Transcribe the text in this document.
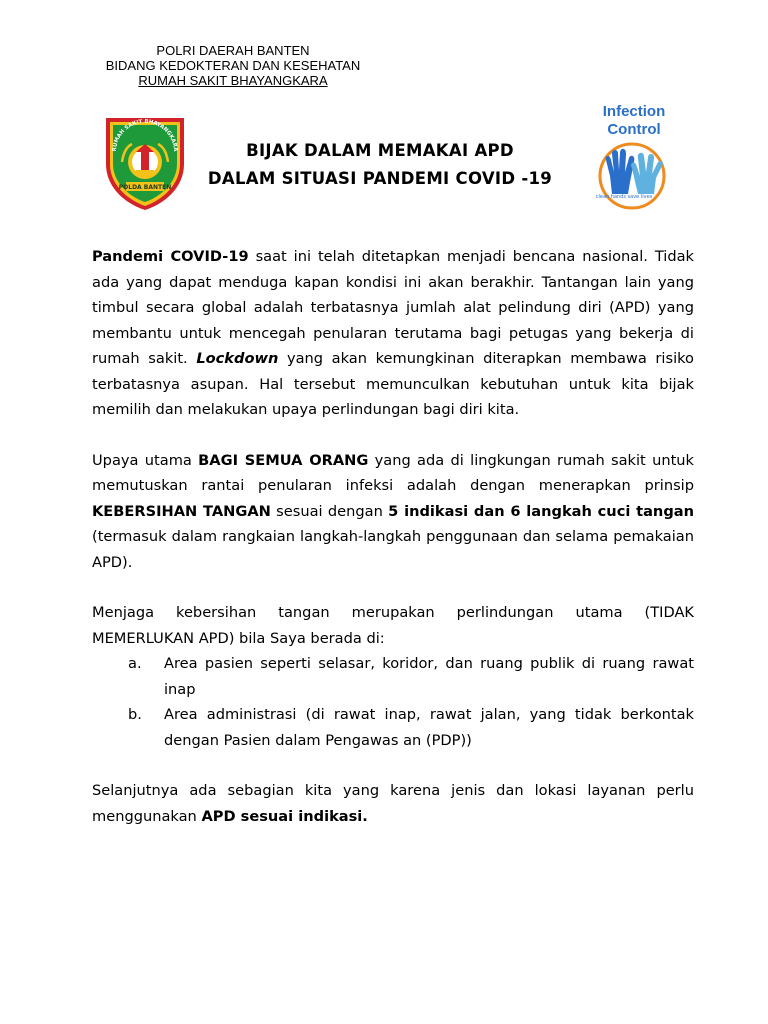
POLRI DAERAH BANTEN
BIDANG KEDOKTERAN DAN KESEHATAN
RUMAH SAKIT BHAYANGKARA
RUMAH SAKIT BHAYANGKARA
POLDA BANTEN
BIJAK DALAM MEMAKAI APD
DALAM SITUASI PANDEMI COVID -19
Infection
Control
clean hands save lives

Pandemi COVID-19 saat ini telah ditetapkan menjadi bencana nasional. Tidak ada yang dapat menduga kapan kondisi ini akan berakhir. Tantangan lain yang timbul secara global adalah terbatasnya jumlah alat pelindung diri (APD) yang membantu untuk mencegah penularan terutama bagi petugas yang bekerja di rumah sakit. Lockdown yang akan kemungkinan diterapkan membawa risiko terbatasnya asupan. Hal tersebut memunculkan kebutuhan untuk kita bijak memilih dan melakukan upaya perlindungan bagi diri kita.

Upaya utama BAGI SEMUA ORANG yang ada di lingkungan rumah sakit untuk memutuskan rantai penularan infeksi adalah dengan menerapkan prinsip KEBERSIHAN TANGAN sesuai dengan 5 indikasi dan 6 langkah cuci tangan (termasuk dalam rangkaian langkah-langkah penggunaan dan selama pemakaian APD).

Menjaga kebersihan tangan merupakan perlindungan utama (TIDAK MEMERLUKAN APD) bila Saya berada di:

a.	Area pasien seperti selasar, koridor, dan ruang publik di ruang rawat inap
b.	Area administrasi (di rawat inap, rawat jalan, yang tidak berkontak dengan Pasien dalam Pengawas an (PDP))

Selanjutnya ada sebagian kita yang karena jenis dan lokasi layanan perlu menggunakan APD sesuai indikasi.
